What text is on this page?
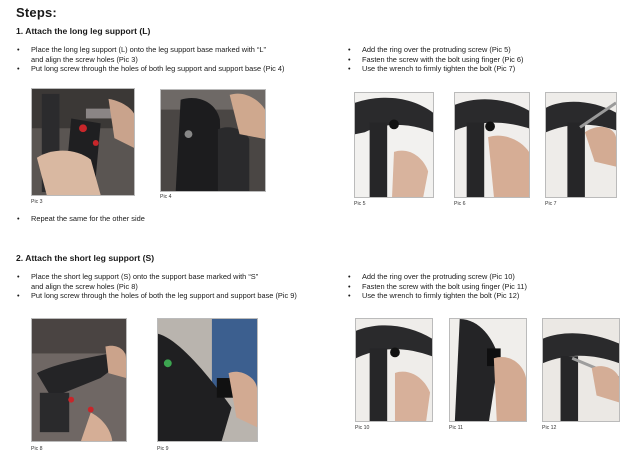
Steps:
1. Attach the long leg support (L)
• Place the long leg support (L) onto the leg support base marked with “L”
and align the screw holes (Pic 3)
• Put long screw through the holes of both leg support and support base (Pic 4)
• Add the ring over the protruding screw (Pic 5)
• Fasten the screw with the bolt using finger (Pic 6)
• Use the wrench to firmly tighten the bolt (Pic 7)
Pic 3
Pic 4
Pic 5	Pic 6	Pic 7
• Repeat the same for the other side
2. Attach the short leg support (S)
• Place the short leg support (S) onto the support base marked with “S”
and align the screw holes (Pic 8)
• Put long screw through the holes of both the leg support and support base (Pic 9)
• Add the ring over the protruding screw (Pic 10)
• Fasten the screw with the bolt using finger (Pic 11)
• Use the wrench to firmly tighten the bolt (Pic 12)
Pic 8	Pic 9
Pic 10	Pic 11	Pic 12
